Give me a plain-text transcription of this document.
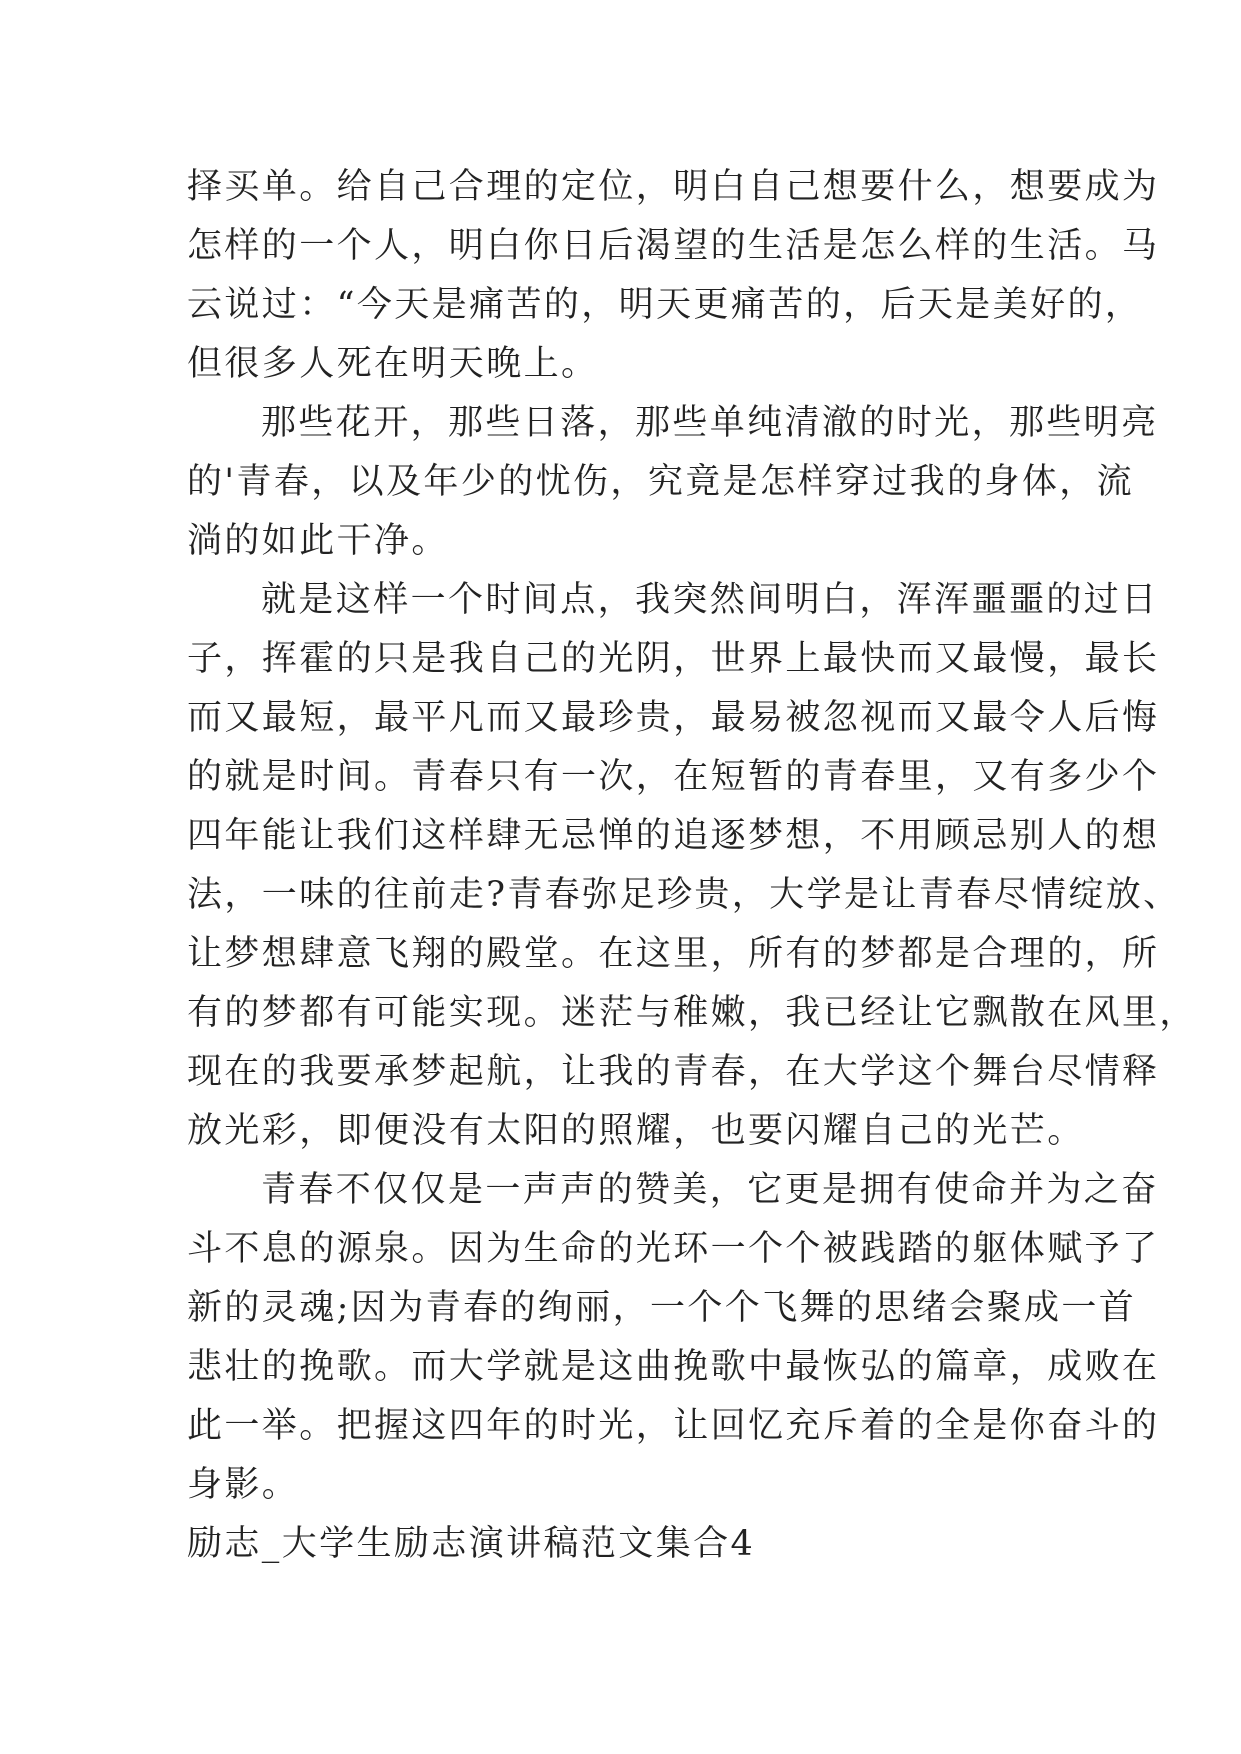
择买单。给自己合理的定位，明白自己想要什么，想要成为
怎样的一个人，明白你日后渴望的生活是怎么样的生活。马
云说过：“今天是痛苦的，明天更痛苦的，后天是美好的，
但很多人死在明天晚上。
那些花开，那些日落，那些单纯清澈的时光，那些明亮
的'青春，以及年少的忧伤，究竟是怎样穿过我的身体，流
淌的如此干净。
就是这样一个时间点，我突然间明白，浑浑噩噩的过日
子，挥霍的只是我自己的光阴，世界上最快而又最慢，最长
而又最短，最平凡而又最珍贵，最易被忽视而又最令人后悔
的就是时间。青春只有一次，在短暂的青春里，又有多少个
四年能让我们这样肆无忌惮的追逐梦想，不用顾忌别人的想
法，一味的往前走?青春弥足珍贵，大学是让青春尽情绽放、
让梦想肆意飞翔的殿堂。在这里，所有的梦都是合理的，所
有的梦都有可能实现。迷茫与稚嫩，我已经让它飘散在风里，
现在的我要承梦起航，让我的青春，在大学这个舞台尽情释
放光彩，即便没有太阳的照耀，也要闪耀自己的光芒。
青春不仅仅是一声声的赞美，它更是拥有使命并为之奋
斗不息的源泉。因为生命的光环一个个被践踏的躯体赋予了
新的灵魂;因为青春的绚丽，一个个飞舞的思绪会聚成一首
悲壮的挽歌。而大学就是这曲挽歌中最恢弘的篇章，成败在
此一举。把握这四年的时光，让回忆充斥着的全是你奋斗的
身影。
励志_大学生励志演讲稿范文集合4
